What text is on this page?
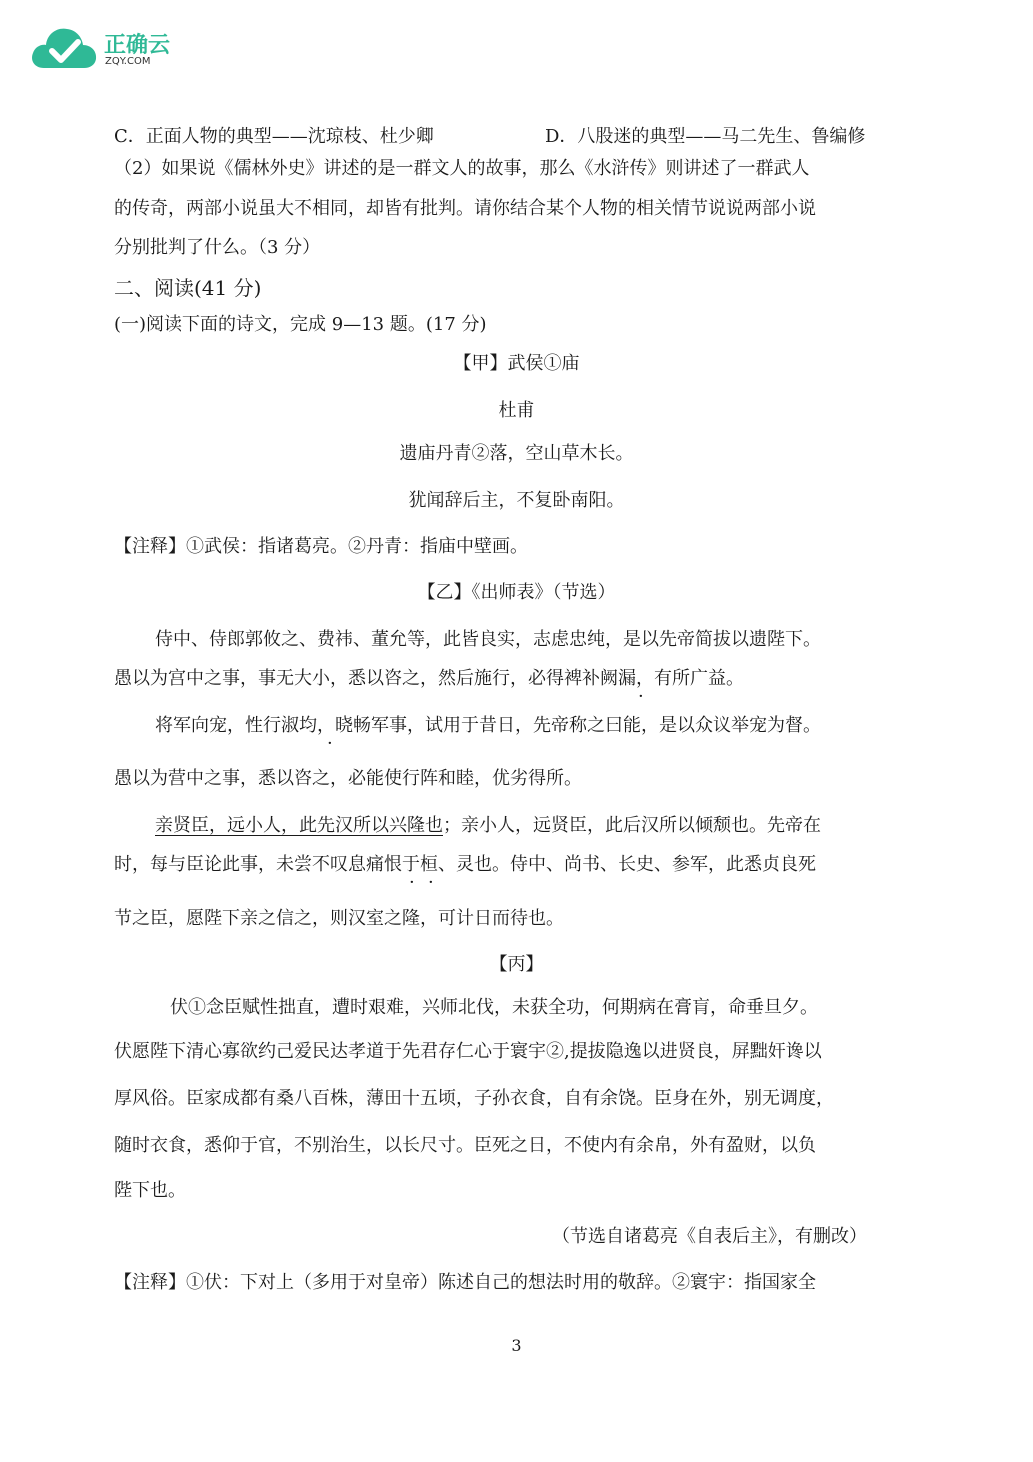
正确云
ZQY.COM
C．正面人物的典型——沈琼枝、杜少卿	D．八股迷的典型——马二先生、鲁编修
（2）如果说《儒林外史》讲述的是一群文人的故事，那么《水浒传》则讲述了一群武人
的传奇，两部小说虽大不相同，却皆有批判。请你结合某个人物的相关情节说说两部小说
分别批判了什么。（3 分）
二、阅读(41 分)
(一)阅读下面的诗文，完成 9—13 题。(17 分)
【甲】武侯①庙
杜甫
遗庙丹青②落，空山草木长。
犹闻辞后主，不复卧南阳。
【注释】①武侯：指诸葛亮。②丹青：指庙中壁画。
【乙】《出师表》（节选）
侍中、侍郎郭攸之、费祎、董允等，此皆良实，志虑忠纯，是以先帝简拔以遗陛下。
愚以为宫中之事，事无大小，悉以咨之，然后施行，必得裨补阙漏，有所广益。
将军向宠，性行淑均，晓畅军事，试用于昔日，先帝称之曰能，是以众议举宠为督。
愚以为营中之事，悉以咨之，必能使行阵和睦，优劣得所。
亲贤臣，远小人，此先汉所以兴隆也；亲小人，远贤臣，此后汉所以倾颓也。先帝在
时，每与臣论此事，未尝不叹息痛恨于桓、灵也。侍中、尚书、长史、参军，此悉贞良死
节之臣，愿陛下亲之信之，则汉室之隆，可计日而待也。
·
·
· ·
【丙】
伏①念臣赋性拙直，遭时艰难，兴师北伐，未获全功，何期病在膏肓，命垂旦夕。
伏愿陛下清心寡欲约己爱民达孝道于先君存仁心于寰宇②,提拔隐逸以进贤良，屏黜奸谗以
厚风俗。臣家成都有桑八百株，薄田十五顷，子孙衣食，自有余饶。臣身在外，别无调度，
随时衣食，悉仰于官，不别治生，以长尺寸。臣死之日，不使内有余帛，外有盈财，以负
陛下也。
（节选自诸葛亮《自表后主》，有删改）
【注释】①伏：下对上（多用于对皇帝）陈述自己的想法时用的敬辞。②寰宇：指国家全
3
